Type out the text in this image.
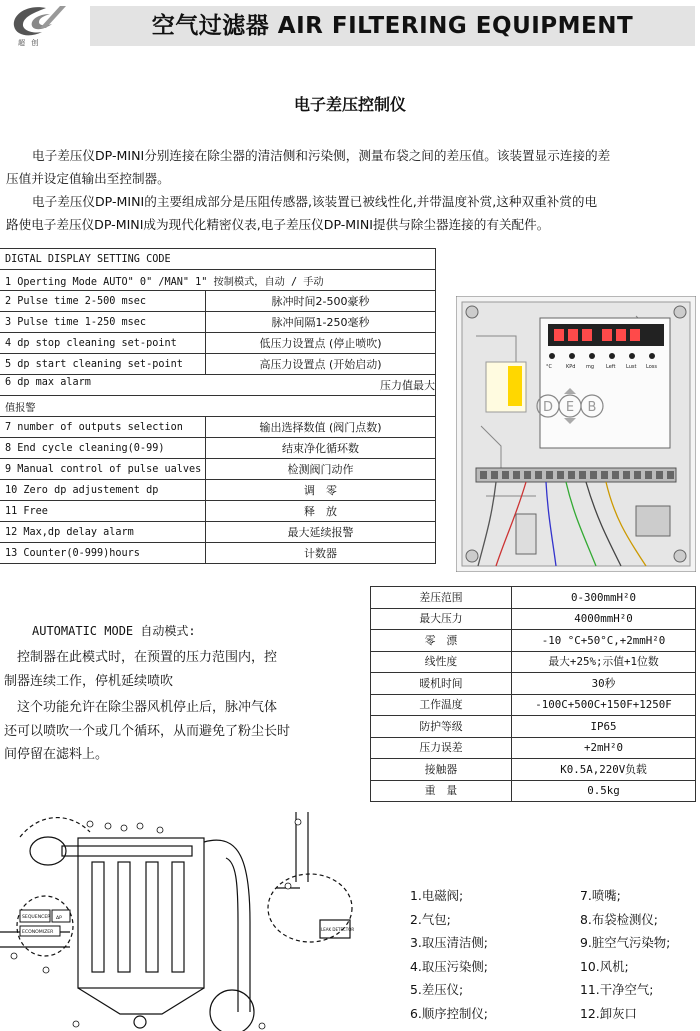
超 创
空气过滤器 AIR FILTERING EQUIPMENT
电子差压控制仪
电子差压仪DP-MINI分别连接在除尘器的清洁侧和污染侧，测量布袋之间的差压值。该装置显示连接的差
压值并设定值输出至控制器。
电子差压仪DP-MINI的主要组成部分是压阻传感器,该装置已被线性化,并带温度补赏,这种双重补赏的电
路使电子差压仪DP-MINI成为现代化精密仪表,电子差压仪DP-MINI提供与除尘器连接的有关配件。
DIGTAL DISPLAY SETTING CODE	
1 Operting Mode AUTO" 0" /MAN" 1" 按制模式，自动 / 手动	
2 Pulse time 2-500 msec	脉冲时间2-500豪秒
3 Pulse time 1-250 msec	脉冲间隔1-250毫秒
4 dp stop cleaning set-point	低压力设置点 (停止喷吹)
5 dp start cleaning set-point	高压力设置点 (开始启动)
6 dp max alarm 压力值最大	

值报警	
7 number of outputs selection	输出选择数值 (阀门点数)
8 End cycle cleaning(0-99)	结束净化循环数
9 Manual control of pulse ualves	检测阀门动作
10 Zero dp adjustement dp	调　零
11 Free	释　放
12 Max,dp delay alarm	最大延续报警
13 Counter(0-999)hours	计数器
°C	KPd mg Left Lust Loss
D E B
差压范围	0-300mmH²0
最大压力	4000mmH²0
零　漂	-10 °C+50°C,+2mmH²0
线性度	最大+25%;示值+1位数
暖机时间	30秒
工作温度	-100C+500C+150F+1250F
防护等级	IP65
压力误差	+2mH²0
接触器	K0.5A,220V负载
重　量	0.5kg
AUTOMATIC MODE 自动模式:
　控制器在此模式时，在预置的压力范围内，控
制器连续工作，停机延续喷吹
　这个功能允许在除尘器风机停止后，脉冲气体
还可以喷吹一个或几个循环，从而避免了粉尘长时
间停留在滤料上。
SEQUENCER ΔP
ECONOMIZER
LEAK DETECTOR
1.电磁阀;	7.喷嘴;
2.气包;	8.布袋检测仪;
3.取压清洁侧;	9.脏空气污染物;
4.取压污染侧;	10.风机;
5.差压仪;	11.干净空气;
6.顺序控制仪;	12.卸灰口
